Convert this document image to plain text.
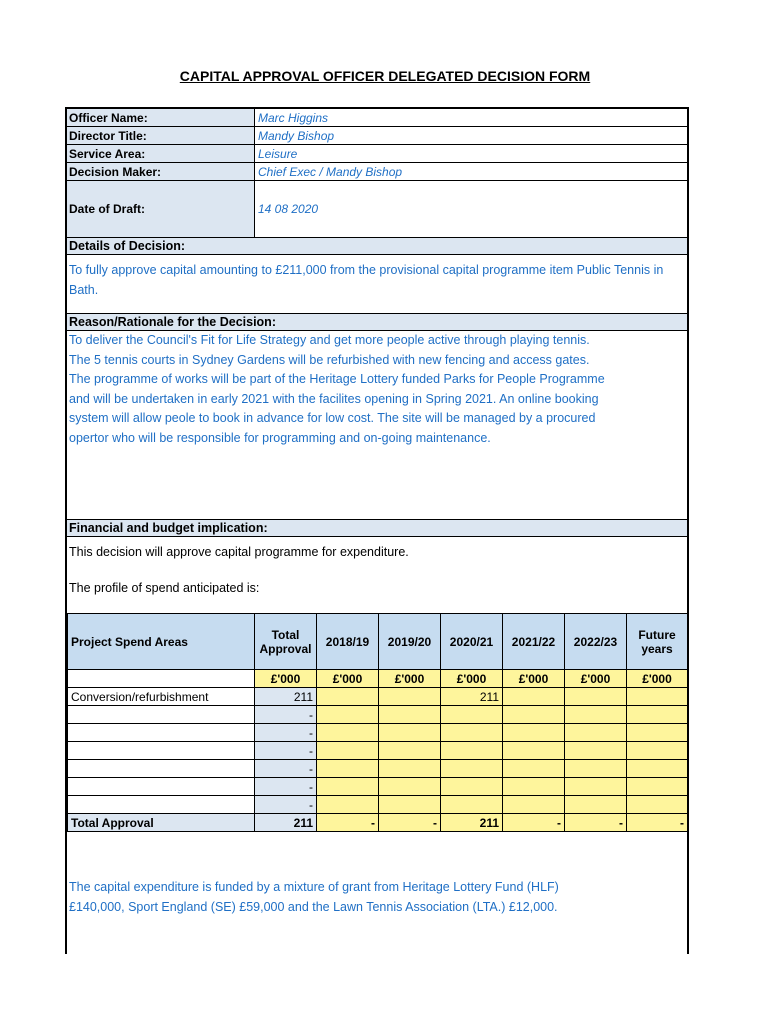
CAPITAL APPROVAL OFFICER DELEGATED DECISION FORM
Officer Name:	Marc Higgins
Director Title:	Mandy Bishop
Service Area:	Leisure
Decision Maker:	Chief Exec / Mandy Bishop
Date of Draft:	14 08 2020
Details of Decision:
To fully approve capital amounting to £211,000 from the provisional capital programme item Public Tennis in Bath.
Reason/Rationale for the Decision:
To deliver the Council's Fit for Life Strategy and get more people active through playing tennis.
The 5 tennis courts in Sydney Gardens will be refurbished with new fencing and access gates.
The programme of works will be part of the Heritage Lottery funded Parks for People Programme
and will be undertaken in early 2021 with the facilites opening in Spring 2021. An online booking
system will allow peole to book in advance for low cost. The site will be managed by a procured
opertor who will be responsible for programming and on-going maintenance.
Financial and budget implication:
This decision will approve capital programme for expenditure.
The profile of spend anticipated is:
Project Spend Areas	Total Approval	2018/19	2019/20	2020/21	2021/22	2022/23	Future years
	£'000	£'000	£'000	£'000	£'000	£'000	£'000
Conversion/refurbishment	211			211			
	-						
	-						
	-						
	-						
	-						
	-						
Total Approval	211	-	-	211	-	-	-
The capital expenditure is funded by a mixture of grant from Heritage Lottery Fund (HLF)
£140,000, Sport England (SE) £59,000 and the Lawn Tennis Association (LTA.) £12,000.
